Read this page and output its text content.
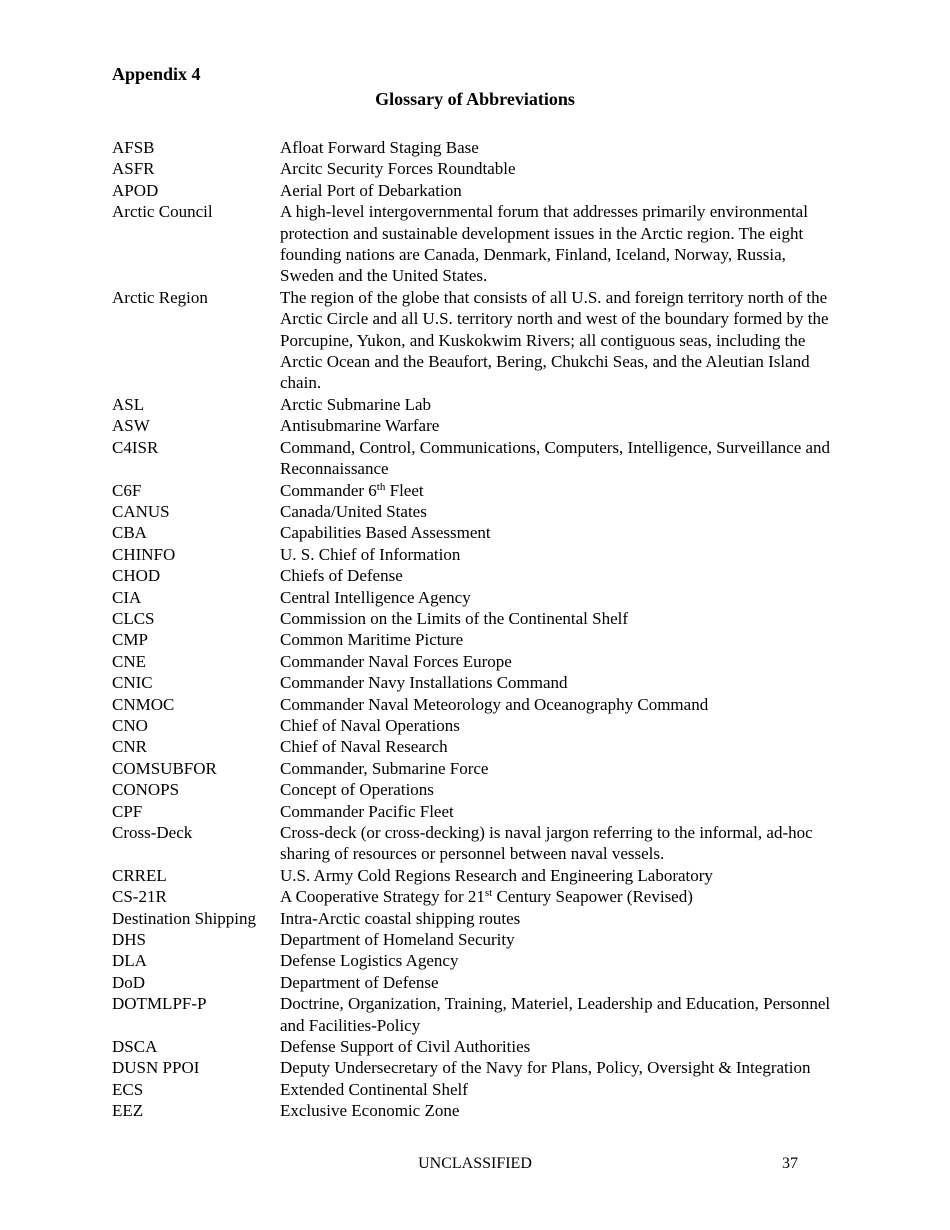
Appendix 4
Glossary of Abbreviations
AFSB	Afloat Forward Staging Base
ASFR	Arcitc Security Forces Roundtable
APOD	Aerial Port of Debarkation
Arctic Council	A high-level intergovernmental forum that addresses primarily environmental protection and sustainable development issues in the Arctic region. The eight founding nations are Canada, Denmark, Finland, Iceland, Norway, Russia, Sweden and the United States.
Arctic Region	The region of the globe that consists of all U.S. and foreign territory north of the Arctic Circle and all U.S. territory north and west of the boundary formed by the Porcupine, Yukon, and Kuskokwim Rivers; all contiguous seas, including the Arctic Ocean and the Beaufort, Bering, Chukchi Seas, and the Aleutian Island chain.
ASL	Arctic Submarine Lab
ASW	Antisubmarine Warfare
C4ISR	Command, Control, Communications, Computers, Intelligence, Surveillance and Reconnaissance
C6F	Commander 6th Fleet
CANUS	Canada/United States
CBA	Capabilities Based Assessment
CHINFO	U. S. Chief of Information
CHOD	Chiefs of Defense
CIA	Central Intelligence Agency
CLCS	Commission on the Limits of the Continental Shelf
CMP	Common Maritime Picture
CNE	Commander Naval Forces Europe
CNIC	Commander Navy Installations Command
CNMOC	Commander Naval Meteorology and Oceanography Command
CNO	Chief of Naval Operations
CNR	Chief of Naval Research
COMSUBFOR	Commander, Submarine Force
CONOPS	Concept of Operations
CPF	Commander Pacific Fleet
Cross-Deck	Cross-deck (or cross-decking) is naval jargon referring to the informal, ad-hoc sharing of resources or personnel between naval vessels.
CRREL	U.S. Army Cold Regions Research and Engineering Laboratory
CS-21R	A Cooperative Strategy for 21st Century Seapower (Revised)
Destination Shipping	Intra-Arctic coastal shipping routes
DHS	Department of Homeland Security
DLA	Defense Logistics Agency
DoD	Department of Defense
DOTMLPF-P	Doctrine, Organization, Training, Materiel, Leadership and Education, Personnel and Facilities-Policy
DSCA	Defense Support of Civil Authorities
DUSN PPOI	Deputy Undersecretary of the Navy for Plans, Policy, Oversight & Integration
ECS	Extended Continental Shelf
EEZ	Exclusive Economic Zone
UNCLASSIFIED	37
